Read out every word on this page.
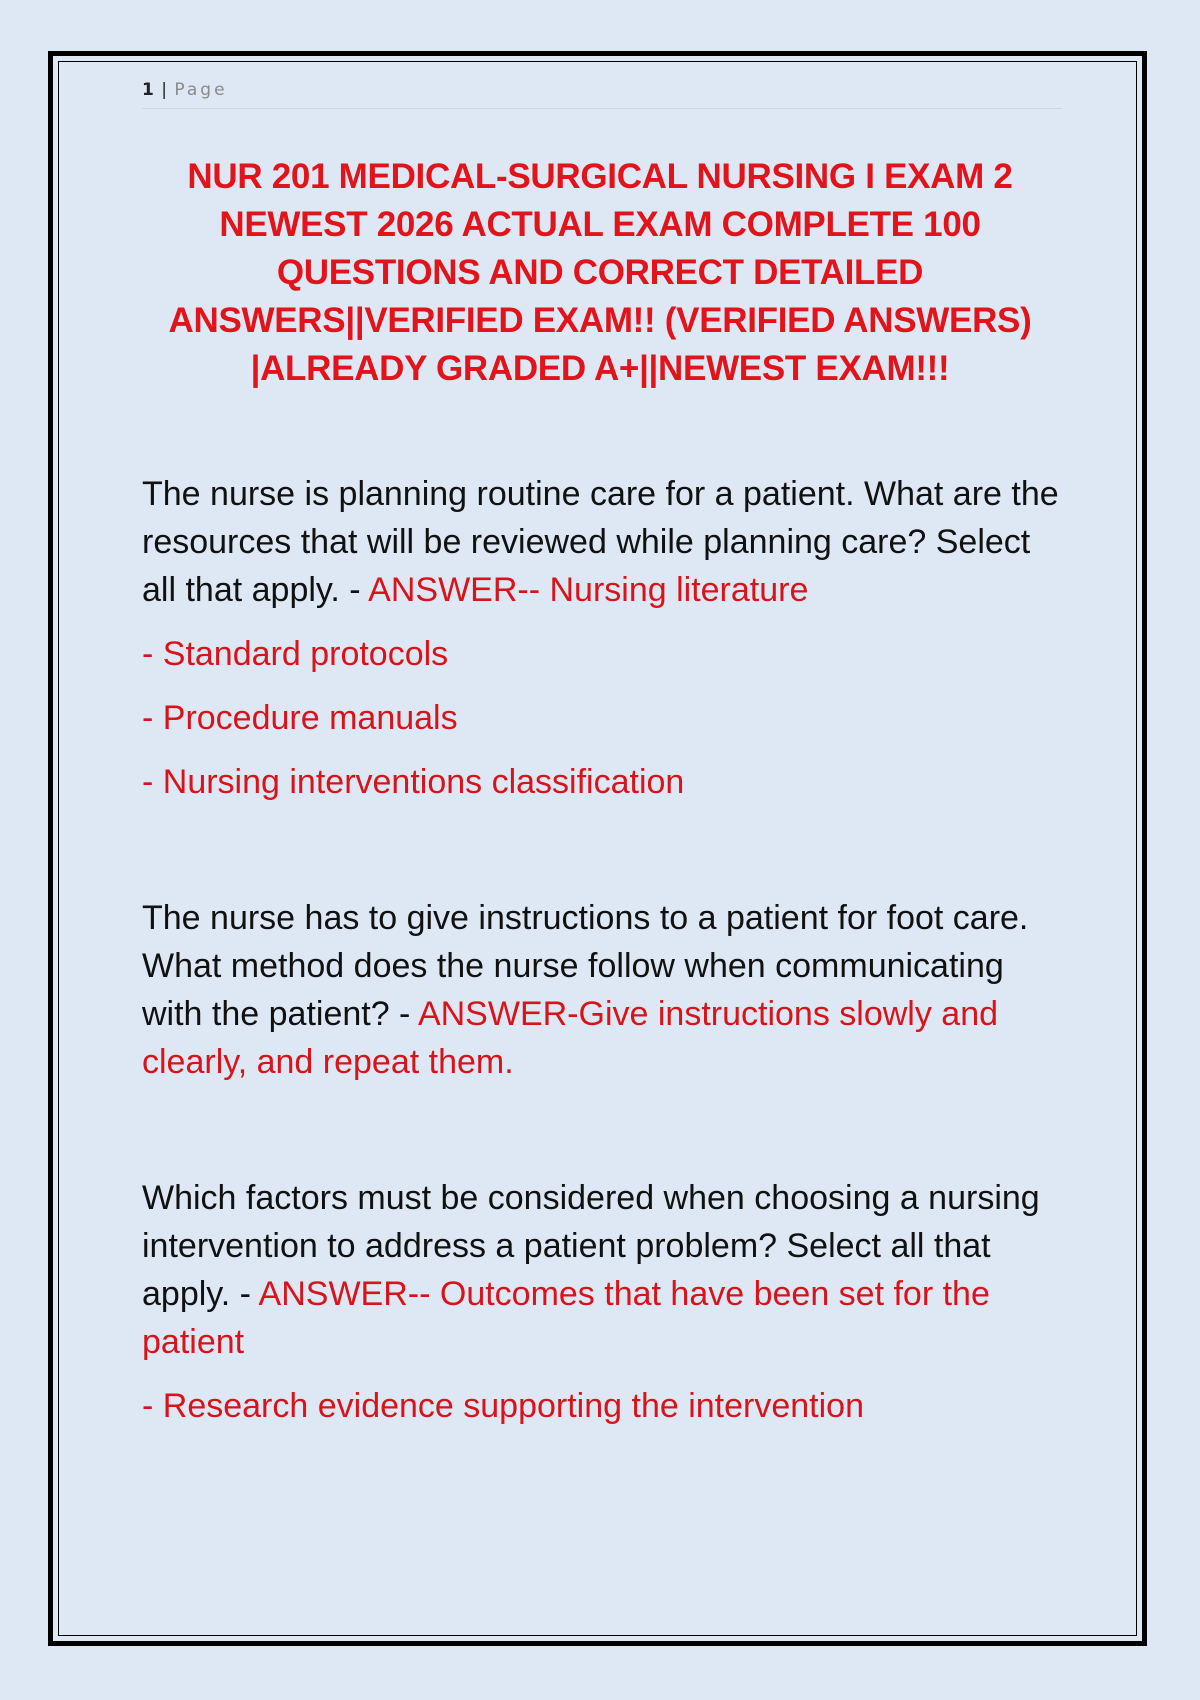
1 | Page
NUR 201 MEDICAL-SURGICAL NURSING I EXAM 2
NEWEST 2026 ACTUAL EXAM COMPLETE 100
QUESTIONS AND CORRECT DETAILED
ANSWERS||VERIFIED EXAM!! (VERIFIED ANSWERS)
|ALREADY GRADED A+||NEWEST EXAM!!!
The nurse is planning routine care for a patient. What are the resources that will be reviewed while planning care? Select all that apply. - ANSWER-- Nursing literature
- Standard protocols
- Procedure manuals
- Nursing interventions classification
The nurse has to give instructions to a patient for foot care. What method does the nurse follow when communicating with the patient? - ANSWER-Give instructions slowly and clearly, and repeat them.
Which factors must be considered when choosing a nursing intervention to address a patient problem? Select all that apply. - ANSWER-- Outcomes that have been set for the patient
- Research evidence supporting the intervention
